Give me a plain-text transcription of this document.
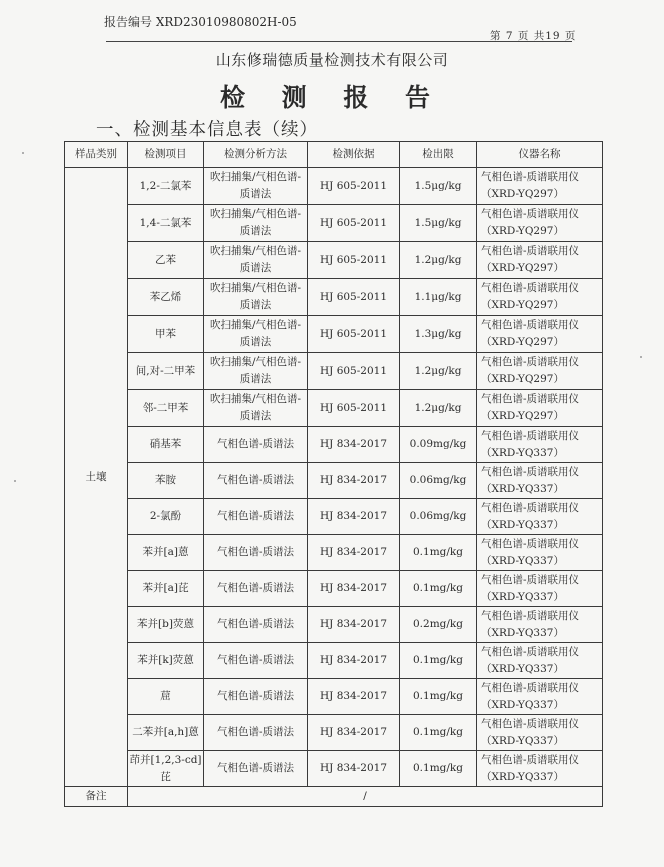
报告编号 XRD23010980802H-05
第 7 页 共19 页
山东修瑞德质量检测技术有限公司
检 测 报 告
一、检测基本信息表（续）
样品类别	检测项目	检测分析方法	检测依据	检出限	仪器名称
土壤	1,2-二氯苯	吹扫捕集/气相色谱-质谱法	HJ 605-2011	1.5μg/kg	气相色谱-质谱联用仪（XRD-YQ297）
	1,4-二氯苯	吹扫捕集/气相色谱-质谱法	HJ 605-2011	1.5μg/kg	气相色谱-质谱联用仪（XRD-YQ297）
	乙苯	吹扫捕集/气相色谱-质谱法	HJ 605-2011	1.2μg/kg	气相色谱-质谱联用仪（XRD-YQ297）
	苯乙烯	吹扫捕集/气相色谱-质谱法	HJ 605-2011	1.1μg/kg	气相色谱-质谱联用仪（XRD-YQ297）
	甲苯	吹扫捕集/气相色谱-质谱法	HJ 605-2011	1.3μg/kg	气相色谱-质谱联用仪（XRD-YQ297）
	间,对-二甲苯	吹扫捕集/气相色谱-质谱法	HJ 605-2011	1.2μg/kg	气相色谱-质谱联用仪（XRD-YQ297）
	邻-二甲苯	吹扫捕集/气相色谱-质谱法	HJ 605-2011	1.2μg/kg	气相色谱-质谱联用仪（XRD-YQ297）
	硝基苯	气相色谱-质谱法	HJ 834-2017	0.09mg/kg	气相色谱-质谱联用仪（XRD-YQ337）
	苯胺	气相色谱-质谱法	HJ 834-2017	0.06mg/kg	气相色谱-质谱联用仪（XRD-YQ337）
	2-氯酚	气相色谱-质谱法	HJ 834-2017	0.06mg/kg	气相色谱-质谱联用仪（XRD-YQ337）
	苯并[a]蒽	气相色谱-质谱法	HJ 834-2017	0.1mg/kg	气相色谱-质谱联用仪（XRD-YQ337）
	苯并[a]芘	气相色谱-质谱法	HJ 834-2017	0.1mg/kg	气相色谱-质谱联用仪（XRD-YQ337）
	苯并[b]荧蒽	气相色谱-质谱法	HJ 834-2017	0.2mg/kg	气相色谱-质谱联用仪（XRD-YQ337）
	苯并[k]荧蒽	气相色谱-质谱法	HJ 834-2017	0.1mg/kg	气相色谱-质谱联用仪（XRD-YQ337）
	䓛	气相色谱-质谱法	HJ 834-2017	0.1mg/kg	气相色谱-质谱联用仪（XRD-YQ337）
	二苯并[a,h]蒽	气相色谱-质谱法	HJ 834-2017	0.1mg/kg	气相色谱-质谱联用仪（XRD-YQ337）
	茚并[1,2,3-cd]芘	气相色谱-质谱法	HJ 834-2017	0.1mg/kg	气相色谱-质谱联用仪（XRD-YQ337）
备注	/				
